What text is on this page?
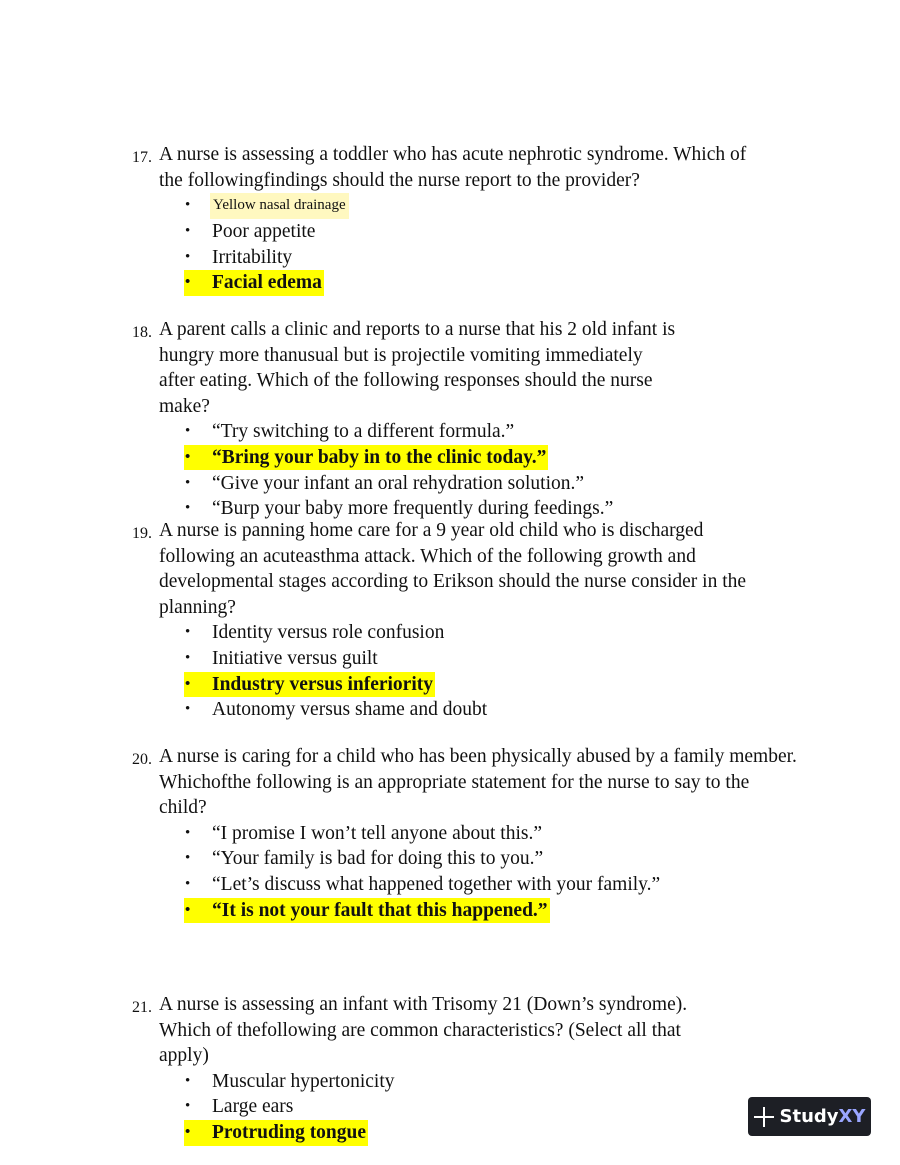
17. A nurse is assessing a toddler who has acute nephrotic syndrome. Which of the followingfindings should the nurse report to the provider?
• Yellow nasal drainage
• Poor appetite
• Irritability
• Facial edema
18. A parent calls a clinic and reports to a nurse that his 2 old infant is hungry more thanusual but is projectile vomiting immediately after eating. Which of the following responses should the nurse make?
• “Try switching to a different formula.”
• “Bring your baby in to the clinic today.”
• “Give your infant an oral rehydration solution.”
• “Burp your baby more frequently during feedings.”
19. A nurse is panning home care for a 9 year old child who is discharged following an acuteasthma attack. Which of the following growth and developmental stages according to Erikson should the nurse consider in the planning?
• Identity versus role confusion
• Initiative versus guilt
• Industry versus inferiority
• Autonomy versus shame and doubt
20. A nurse is caring for a child who has been physically abused by a family member. Whichofthe following is an appropriate statement for the nurse to say to the child?
• “I promise I won’t tell anyone about this.”
• “Your family is bad for doing this to you.”
• “Let’s discuss what happened together with your family.”
• “It is not your fault that this happened.”
21. A nurse is assessing an infant with Trisomy 21 (Down’s syndrome). Which of thefollowing are common characteristics? (Select all that apply)
• Muscular hypertonicity
• Large ears
• Protruding tongue
StudyXY
